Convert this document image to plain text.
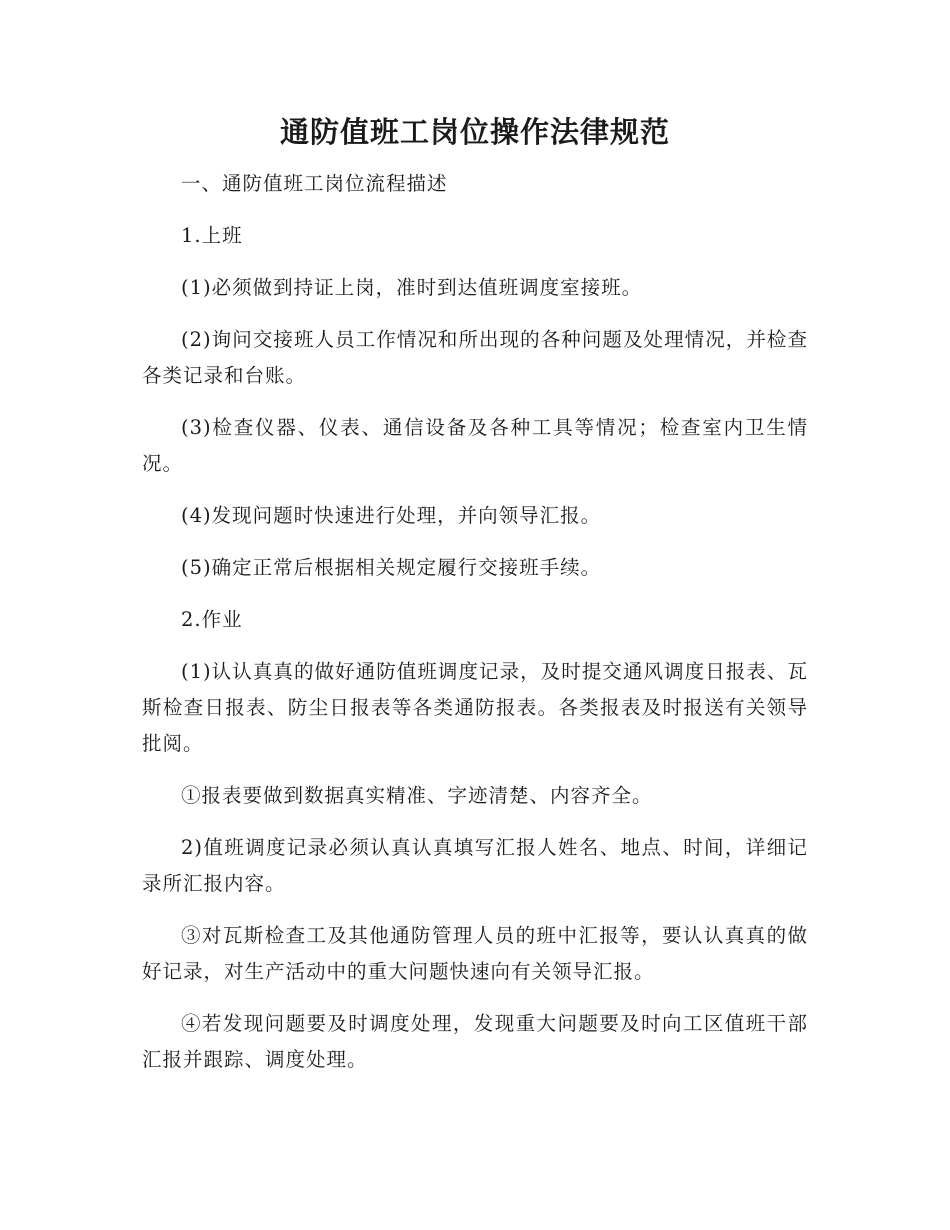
通防值班工岗位操作法律规范

一、通防值班工岗位流程描述

1.上班

(1)必须做到持证上岗，准时到达值班调度室接班。

(2)询问交接班人员工作情况和所出现的各种问题及处理情况，并检查各类记录和台账。

(3)检查仪器、仪表、通信设备及各种工具等情况；检查室内卫生情况。

(4)发现问题时快速进行处理，并向领导汇报。

(5)确定正常后根据相关规定履行交接班手续。

2.作业

(1)认认真真的做好通防值班调度记录，及时提交通风调度日报表、瓦斯检查日报表、防尘日报表等各类通防报表。各类报表及时报送有关领导批阅。

①报表要做到数据真实精准、字迹清楚、内容齐全。

2)值班调度记录必须认真认真填写汇报人姓名、地点、时间，详细记录所汇报内容。

③对瓦斯检查工及其他通防管理人员的班中汇报等，要认认真真的做好记录，对生产活动中的重大问题快速向有关领导汇报。

④若发现问题要及时调度处理，发现重大问题要及时向工区值班干部汇报并跟踪、调度处理。
